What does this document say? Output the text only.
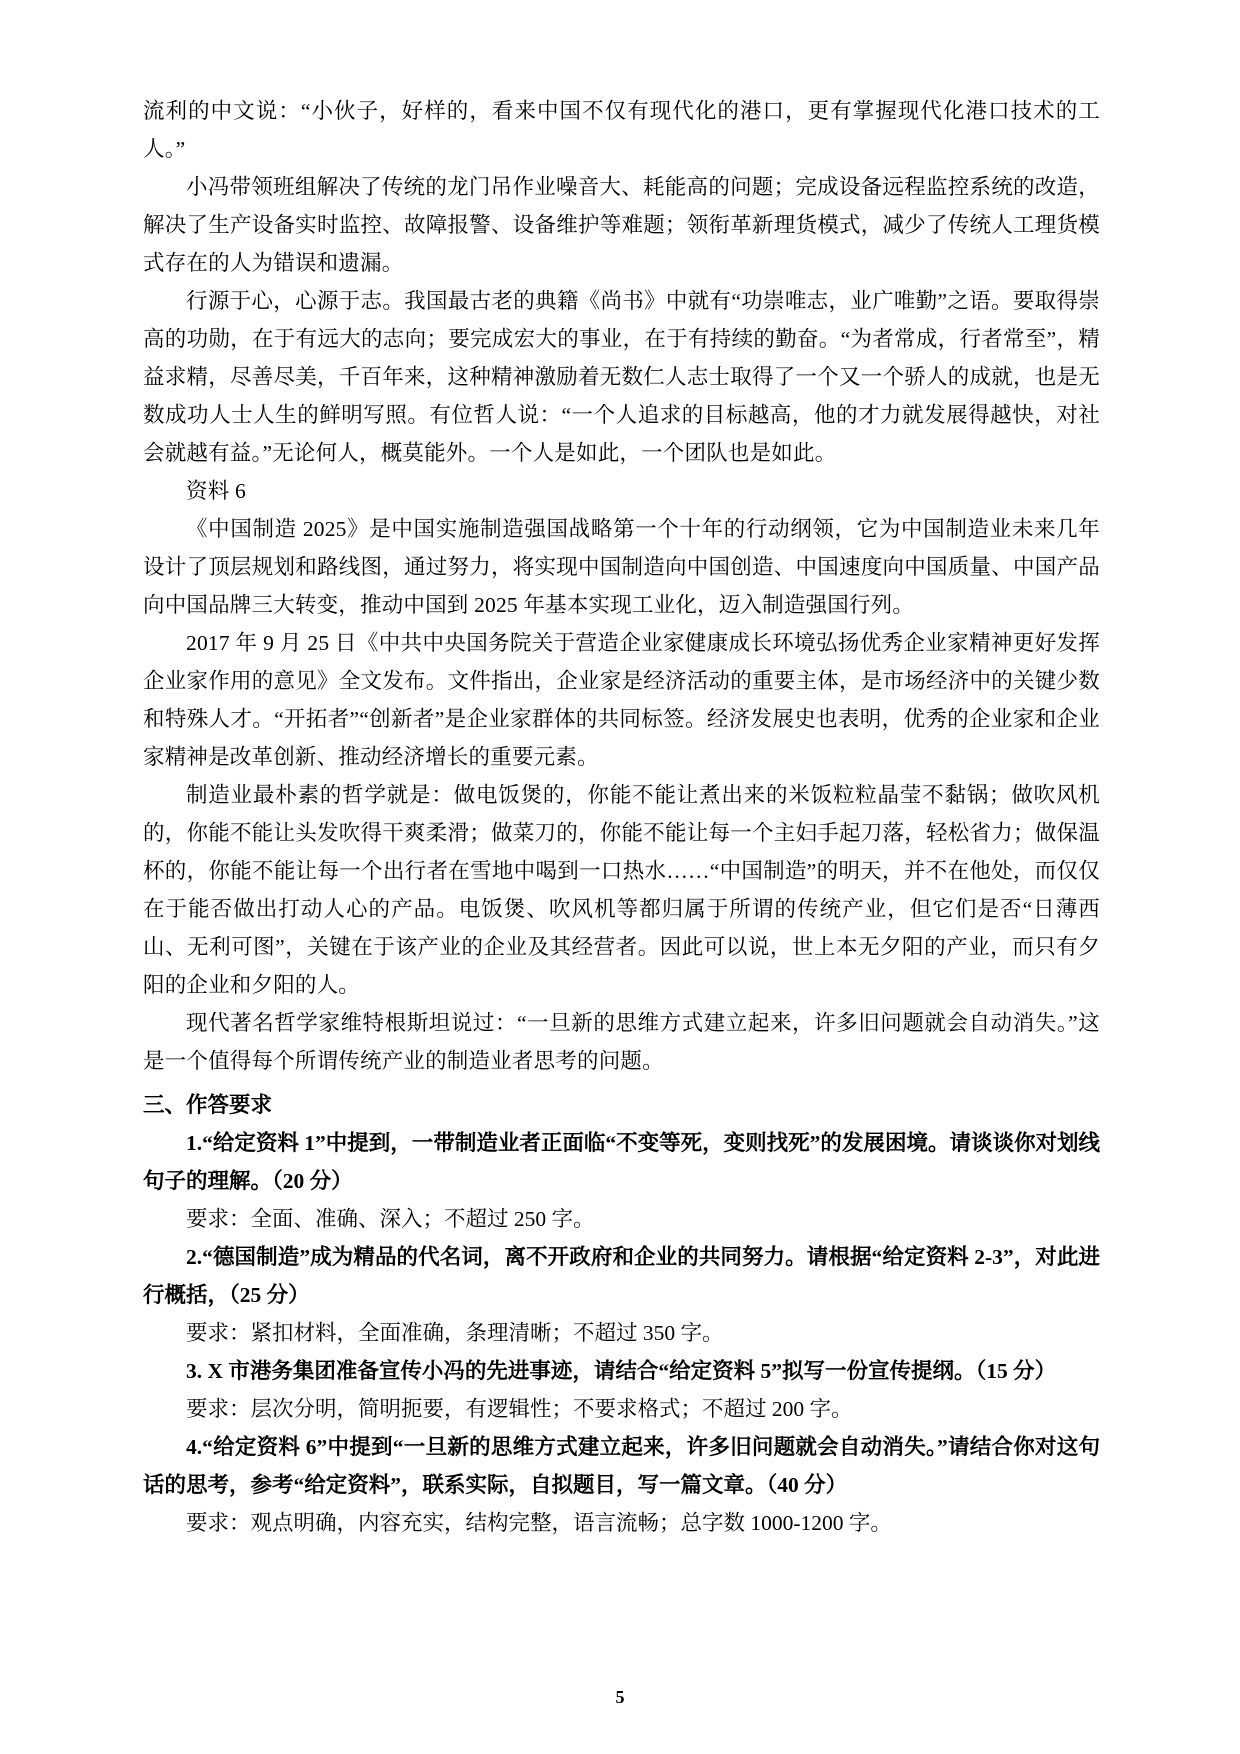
流利的中文说：“小伙子，好样的，看来中国不仅有现代化的港口，更有掌握现代化港口技术的工人。”

小冯带领班组解决了传统的龙门吊作业噪音大、耗能高的问题；完成设备远程监控系统的改造，解决了生产设备实时监控、故障报警、设备维护等难题；领衔革新理货模式，减少了传统人工理货模式存在的人为错误和遗漏。

行源于心，心源于志。我国最古老的典籍《尚书》中就有“功崇唯志，业广唯勤”之语。要取得崇高的功勋，在于有远大的志向；要完成宏大的事业，在于有持续的勤奋。“为者常成，行者常至”，精益求精，尽善尽美，千百年来，这种精神激励着无数仁人志士取得了一个又一个骄人的成就，也是无数成功人士人生的鲜明写照。有位哲人说：“一个人追求的目标越高，他的才力就发展得越快，对社会就越有益。”无论何人，概莫能外。一个人是如此，一个团队也是如此。

资料 6

《中国制造 2025》是中国实施制造强国战略第一个十年的行动纲领，它为中国制造业未来几年设计了顶层规划和路线图，通过努力，将实现中国制造向中国创造、中国速度向中国质量、中国产品向中国品牌三大转变，推动中国到 2025 年基本实现工业化，迈入制造强国行列。

2017 年 9 月 25 日《中共中央国务院关于营造企业家健康成长环境弘扬优秀企业家精神更好发挥企业家作用的意见》全文发布。文件指出，企业家是经济活动的重要主体，是市场经济中的关键少数和特殊人才。“开拓者”“创新者”是企业家群体的共同标签。经济发展史也表明，优秀的企业家和企业家精神是改革创新、推动经济增长的重要元素。

制造业最朴素的哲学就是：做电饭煲的，你能不能让煮出来的米饭粒粒晶莹不黏锅；做吹风机的，你能不能让头发吹得干爽柔滑；做菜刀的，你能不能让每一个主妇手起刀落，轻松省力；做保温杯的，你能不能让每一个出行者在雪地中喝到一口热水……“中国制造”的明天，并不在他处，而仅仅在于能否做出打动人心的产品。电饭煲、吹风机等都归属于所谓的传统产业，但它们是否“日薄西山、无利可图”，关键在于该产业的企业及其经营者。因此可以说，世上本无夕阳的产业，而只有夕阳的企业和夕阳的人。

现代著名哲学家维特根斯坦说过：“一旦新的思维方式建立起来，许多旧问题就会自动消失。”这是一个值得每个所谓传统产业的制造业者思考的问题。

三、作答要求

1.“给定资料 1”中提到，一带制造业者正面临“不变等死，变则找死”的发展困境。请谈谈你对划线句子的理解。（20 分）

要求：全面、准确、深入；不超过 250 字。

2.“德国制造”成为精品的代名词，离不开政府和企业的共同努力。请根据“给定资料 2-3”，对此进行概括，（25 分）

要求：紧扣材料，全面准确，条理清晰；不超过 350 字。

3. X 市港务集团准备宣传小冯的先进事迹，请结合“给定资料 5”拟写一份宣传提纲。（15 分）

要求：层次分明，简明扼要，有逻辑性；不要求格式；不超过 200 字。

4.“给定资料 6”中提到“一旦新的思维方式建立起来，许多旧问题就会自动消失。”请结合你对这句话的思考，参考“给定资料”，联系实际，自拟题目，写一篇文章。（40 分）

要求：观点明确，内容充实，结构完整，语言流畅；总字数 1000-1200 字。

5
